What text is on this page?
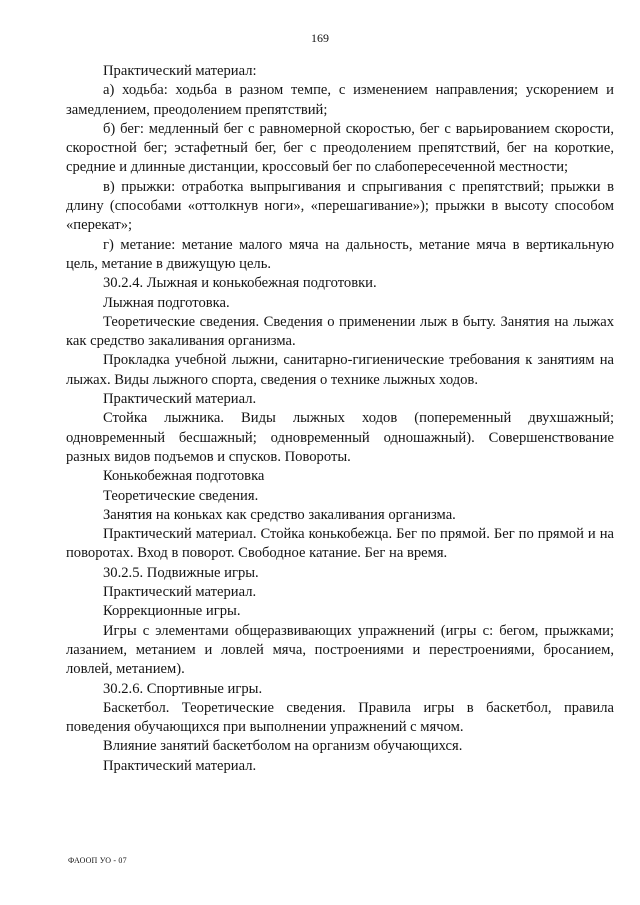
169

Практический материал:

а) ходьба: ходьба в разном темпе, с изменением направления; ускорением и замедлением, преодолением препятствий;

б) бег: медленный бег с равномерной скоростью, бег с варьированием скорости, скоростной бег; эстафетный бег, бег с преодолением препятствий, бег на короткие, средние и длинные дистанции, кроссовый бег по слабопересеченной местности;

в) прыжки: отработка выпрыгивания и спрыгивания с препятствий; прыжки в длину (способами «оттолкнув ноги», «перешагивание»); прыжки в высоту способом «перекат»;

г) метание: метание малого мяча на дальность, метание мяча в вертикальную цель, метание в движущую цель.

30.2.4. Лыжная и конькобежная подготовки.

Лыжная подготовка.

Теоретические сведения. Сведения о применении лыж в быту. Занятия на лыжах как средство закаливания организма.

Прокладка учебной лыжни, санитарно-гигиенические требования к занятиям на лыжах. Виды лыжного спорта, сведения о технике лыжных ходов.

Практический материал.

Стойка лыжника. Виды лыжных ходов (попеременный двухшажный; одновременный бесшажный; одновременный одношажный). Совершенствование разных видов подъемов и спусков. Повороты.

Конькобежная подготовка

Теоретические сведения.

Занятия на коньках как средство закаливания организма.

Практический материал. Стойка конькобежца. Бег по прямой. Бег по прямой и на поворотах. Вход в поворот. Свободное катание. Бег на время.

30.2.5. Подвижные игры.

Практический материал.

Коррекционные игры.

Игры с элементами общеразвивающих упражнений (игры с: бегом, прыжками; лазанием, метанием и ловлей мяча, построениями и перестроениями, бросанием, ловлей, метанием).

30.2.6. Спортивные игры.

Баскетбол. Теоретические сведения. Правила игры в баскетбол, правила поведения обучающихся при выполнении упражнений с мячом.

Влияние занятий баскетболом на организм обучающихся.

Практический материал.

ФАООП УО - 07
